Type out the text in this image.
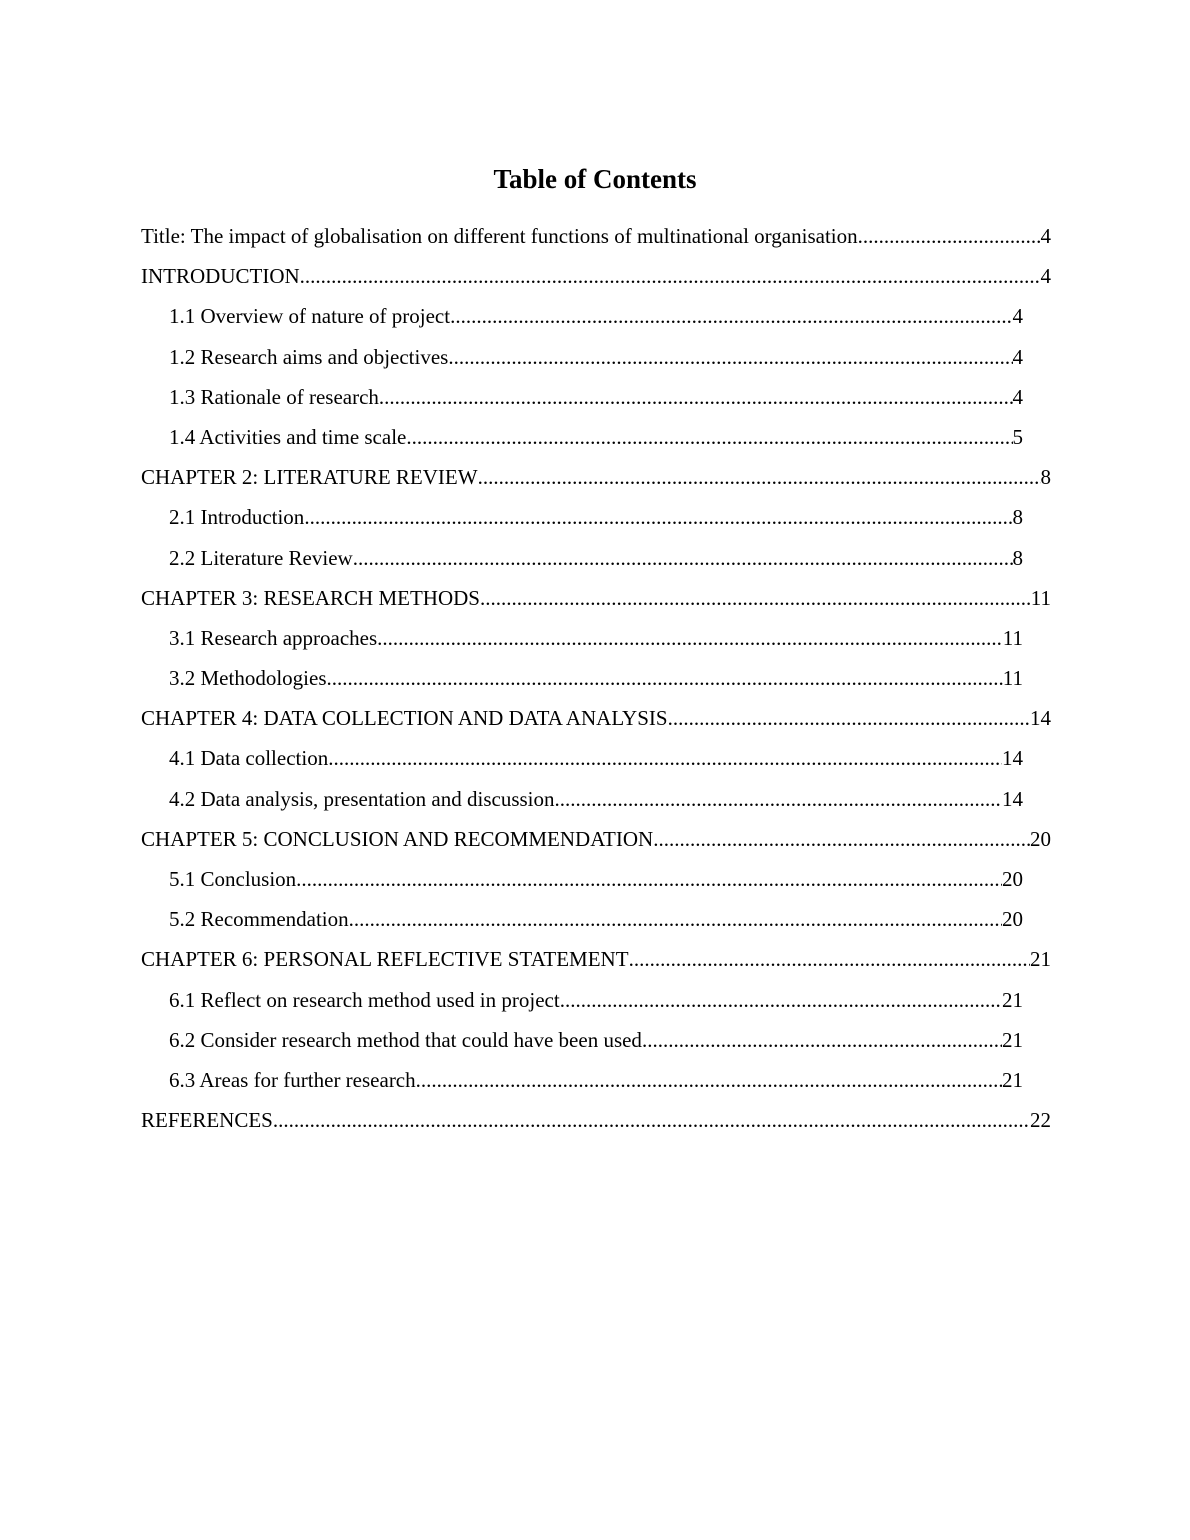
Table of Contents
Title: The impact of globalisation on different functions of multinational organisation .....	4
INTRODUCTION .....	4
1.1 Overview of nature of project .....	4
1.2 Research aims and objectives .....	4
1.3 Rationale of research .....	4
1.4 Activities and time scale .....	5
CHAPTER 2: LITERATURE REVIEW .....	8
2.1 Introduction .....	8
2.2 Literature Review .....	8
CHAPTER 3: RESEARCH METHODS .....	11
3.1 Research approaches .....	11
3.2 Methodologies .....	11
CHAPTER 4: DATA COLLECTION AND DATA ANALYSIS .....	14
4.1 Data collection .....	14
4.2 Data analysis, presentation and discussion .....	14
CHAPTER 5: CONCLUSION AND RECOMMENDATION .....	20
5.1 Conclusion .....	20
5.2 Recommendation .....	20
CHAPTER 6: PERSONAL REFLECTIVE STATEMENT .....	21
6.1 Reflect on research method used in project .....	21
6.2 Consider research method that could have been used .....	21
6.3 Areas for further research .....	21
REFERENCES .....	22
